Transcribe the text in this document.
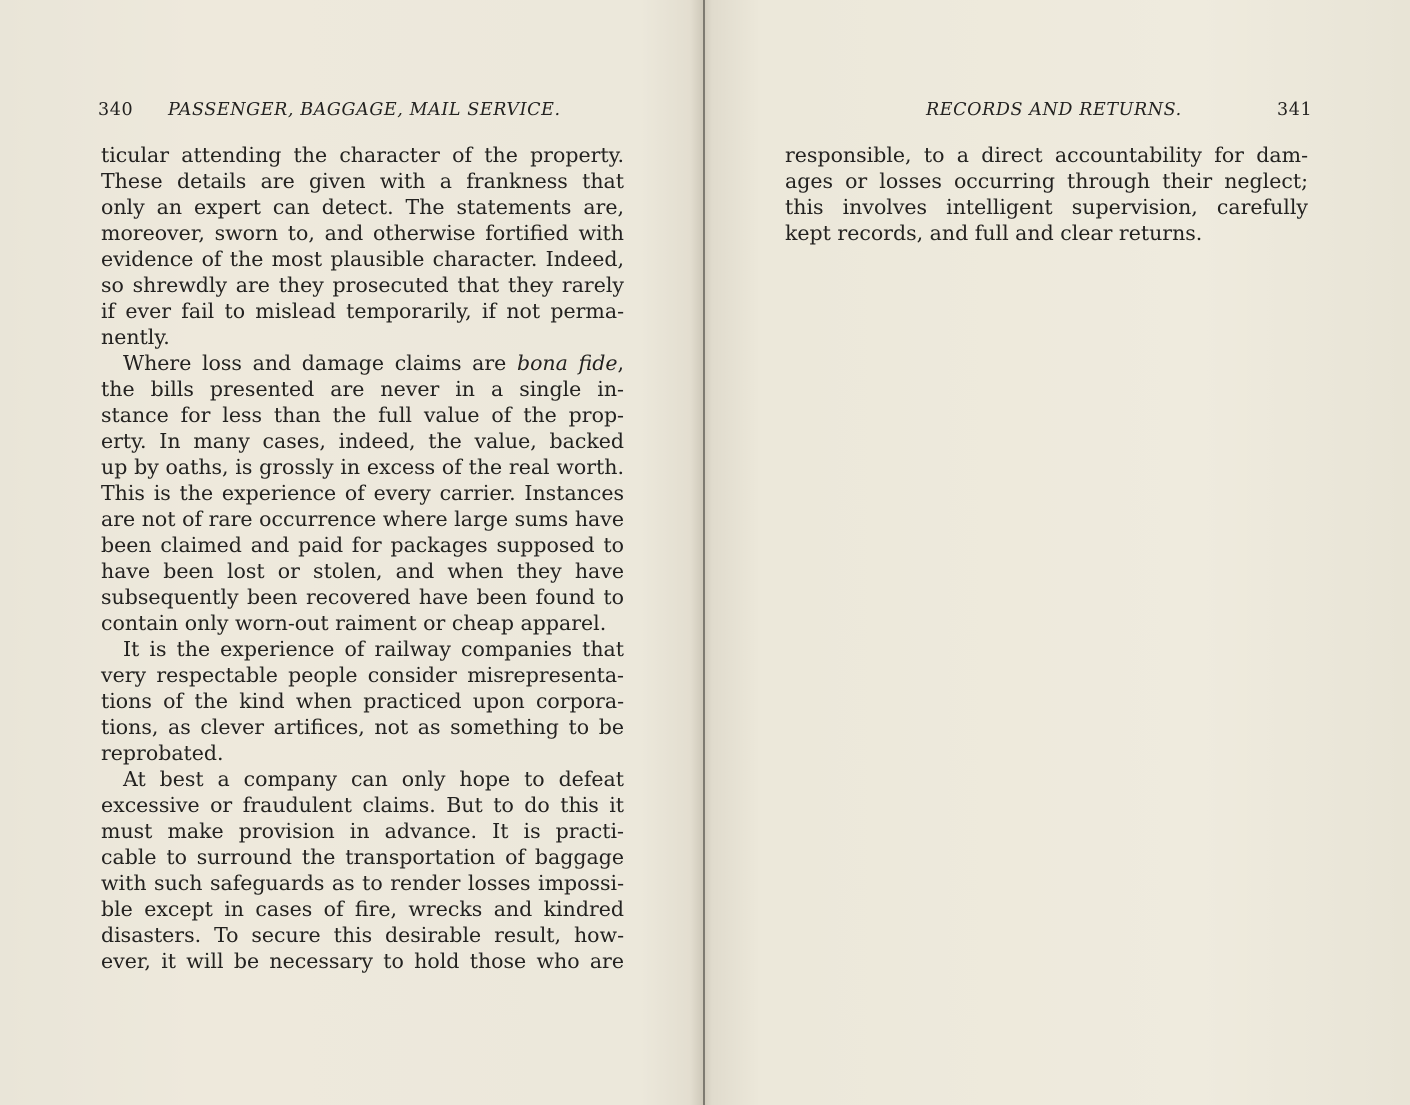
340 PASSENGER, BAGGAGE, MAIL SERVICE.
ticular attending the character of the property.
These details are given with a frankness that
only an expert can detect. The statements are,
moreover, sworn to, and otherwise fortified with
evidence of the most plausible character. Indeed,
so shrewdly are they prosecuted that they rarely
if ever fail to mislead temporarily, if not perma-
nently.
Where loss and damage claims are bona fide,
the bills presented are never in a single in-
stance for less than the full value of the prop-
erty. In many cases, indeed, the value, backed
up by oaths, is grossly in excess of the real worth.
This is the experience of every carrier. Instances
are not of rare occurrence where large sums have
been claimed and paid for packages supposed to
have been lost or stolen, and when they have
subsequently been recovered have been found to
contain only worn-out raiment or cheap apparel.
It is the experience of railway companies that
very respectable people consider misrepresenta-
tions of the kind when practiced upon corpora-
tions, as clever artifices, not as something to be
reprobated.
At best a company can only hope to defeat
excessive or fraudulent claims. But to do this it
must make provision in advance. It is practi-
cable to surround the transportation of baggage
with such safeguards as to render losses impossi-
ble except in cases of fire, wrecks and kindred
disasters. To secure this desirable result, how-
ever, it will be necessary to hold those who are
RECORDS AND RETURNS.	341
responsible, to a direct accountability for dam-
ages or losses occurring through their neglect;
this involves intelligent supervision, carefully
kept records, and full and clear returns.
